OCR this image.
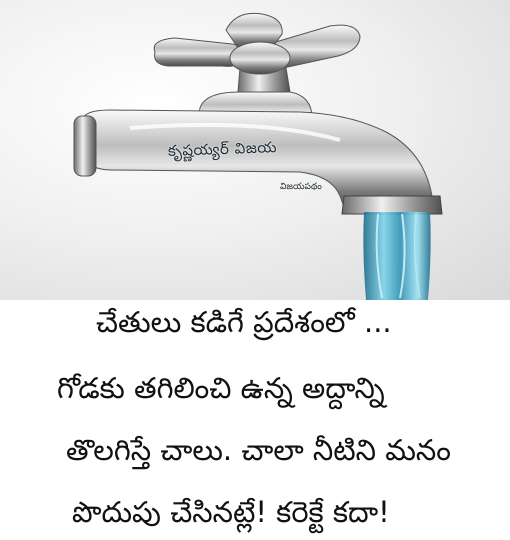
కృష్ణయ్యర్ విజయ
విజయపథం
చేతులు కడిగే ప్రదేశంలో ...
గోడకు తగిలించి ఉన్న అద్దాన్ని
తొలగిస్తే చాలు. చాలా నీటిని మనం
పొదుపు చేసినట్లే! కరెక్టే కదా!
